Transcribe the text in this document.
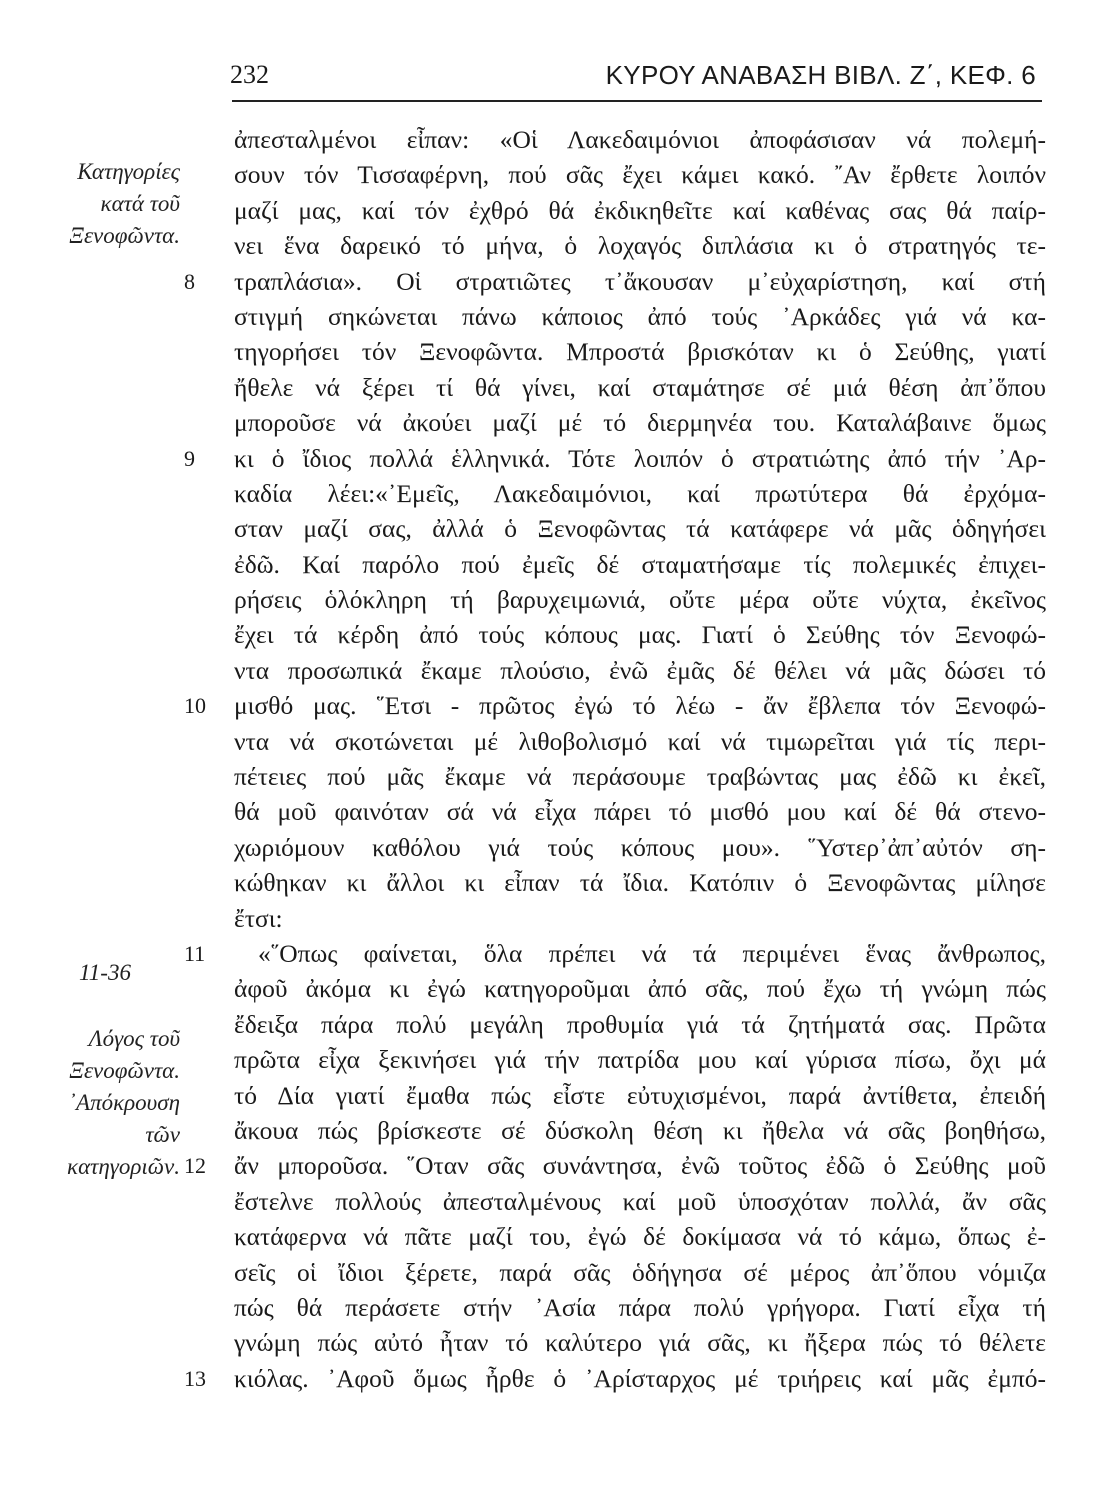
232	ΚΥΡΟΥ ΑΝΑΒΑΣΗ ΒΙΒΛ. Ζ΄, ΚΕΦ. 6

Κατηγορίες
κατά τοῦ
Ξενοφῶντα.

11-36

Λόγος τοῦ
Ξενοφῶντα.
᾿Απόκρουση
τῶν
κατηγοριῶν.

ἀπεσταλμένοι εἶπαν: «Οἱ Λακεδαιμόνιοι ἀποφάσισαν νά πολεμή-
σουν τόν Τισσαφέρνη, πού σᾶς ἔχει κάμει κακό. ῎Αν ἔρθετε λοιπόν
μαζί μας, καί τόν ἐχθρό θά ἐκδικηθεῖτε καί καθένας σας θά παίρ-
νει ἕνα δαρεικό τό μήνα, ὁ λοχαγός διπλάσια κι ὁ στρατηγός τε-
8	τραπλάσια». Οἱ στρατιῶτες τ᾿ἄκουσαν μ᾿εὐχαρίστηση, καί στή
στιγμή σηκώνεται πάνω κάποιος ἀπό τούς ᾿Αρκάδες γιά νά κα-
τηγορήσει τόν Ξενοφῶντα. Μπροστά βρισκόταν κι ὁ Σεύθης, γιατί
ἤθελε νά ξέρει τί θά γίνει, καί σταμάτησε σέ μιά θέση ἀπ᾿ὅπου
μποροῦσε νά ἀκούει μαζί μέ τό διερμηνέα του. Καταλάβαινε ὅμως
9	κι ὁ ἴδιος πολλά ἑλληνικά. Τότε λοιπόν ὁ στρατιώτης ἀπό τήν ᾿Αρ-
καδία λέει:«᾿Εμεῖς, Λακεδαιμόνιοι, καί πρωτύτερα θά ἐρχόμα-
σταν μαζί σας, ἀλλά ὁ Ξενοφῶντας τά κατάφερε νά μᾶς ὁδηγήσει
ἐδῶ. Καί παρόλο πού ἐμεῖς δέ σταματήσαμε τίς πολεμικές ἐπιχει-
ρήσεις ὁλόκληρη τή βαρυχειμωνιά, οὔτε μέρα οὔτε νύχτα, ἐκεῖνος
ἔχει τά κέρδη ἀπό τούς κόπους μας. Γιατί ὁ Σεύθης τόν Ξενοφώ-
ντα προσωπικά ἔκαμε πλούσιο, ἐνῶ ἐμᾶς δέ θέλει νά μᾶς δώσει τό
10	μισθό μας. ῞Ετσι - πρῶτος ἐγώ τό λέω - ἄν ἔβλεπα τόν Ξενοφώ-
ντα νά σκοτώνεται μέ λιθοβολισμό καί νά τιμωρεῖται γιά τίς περι-
πέτειες πού μᾶς ἔκαμε νά περάσουμε τραβώντας μας ἐδῶ κι ἐκεῖ,
θά μοῦ φαινόταν σά νά εἶχα πάρει τό μισθό μου καί δέ θά στενο-
χωριόμουν καθόλου γιά τούς κόπους μου». ῞Υστερ᾿ἀπ᾿αὐτόν ση-
κώθηκαν κι ἄλλοι κι εἶπαν τά ἴδια. Κατόπιν ὁ Ξενοφῶντας μίλησε
ἔτσι:
11	«῞Οπως φαίνεται, ὅλα πρέπει νά τά περιμένει ἕνας ἄνθρωπος,
ἀφοῦ ἀκόμα κι ἐγώ κατηγοροῦμαι ἀπό σᾶς, πού ἔχω τή γνώμη πώς
ἔδειξα πάρα πολύ μεγάλη προθυμία γιά τά ζητήματά σας. Πρῶτα
πρῶτα εἶχα ξεκινήσει γιά τήν πατρίδα μου καί γύρισα πίσω, ὄχι μά
τό Δία γιατί ἔμαθα πώς εἶστε εὐτυχισμένοι, παρά ἀντίθετα, ἐπειδή
ἄκουα πώς βρίσκεστε σέ δύσκολη θέση κι ἤθελα νά σᾶς βοηθήσω,
12	ἄν μποροῦσα. ῞Οταν σᾶς συνάντησα, ἐνῶ τοῦτος ἐδῶ ὁ Σεύθης μοῦ
ἔστελνε πολλούς ἀπεσταλμένους καί μοῦ ὑποσχόταν πολλά, ἄν σᾶς
κατάφερνα νά πᾶτε μαζί του, ἐγώ δέ δοκίμασα νά τό κάμω, ὅπως ἐ-
σεῖς οἱ ἴδιοι ξέρετε, παρά σᾶς ὁδήγησα σέ μέρος ἀπ᾿ὅπου νόμιζα
πώς θά περάσετε στήν ᾿Ασία πάρα πολύ γρήγορα. Γιατί εἶχα τή
γνώμη πώς αὐτό ἦταν τό καλύτερο γιά σᾶς, κι ἤξερα πώς τό θέλετε
13	κιόλας. ᾿Αφοῦ ὅμως ἦρθε ὁ ᾿Αρίσταρχος μέ τριήρεις καί μᾶς ἐμπό-
